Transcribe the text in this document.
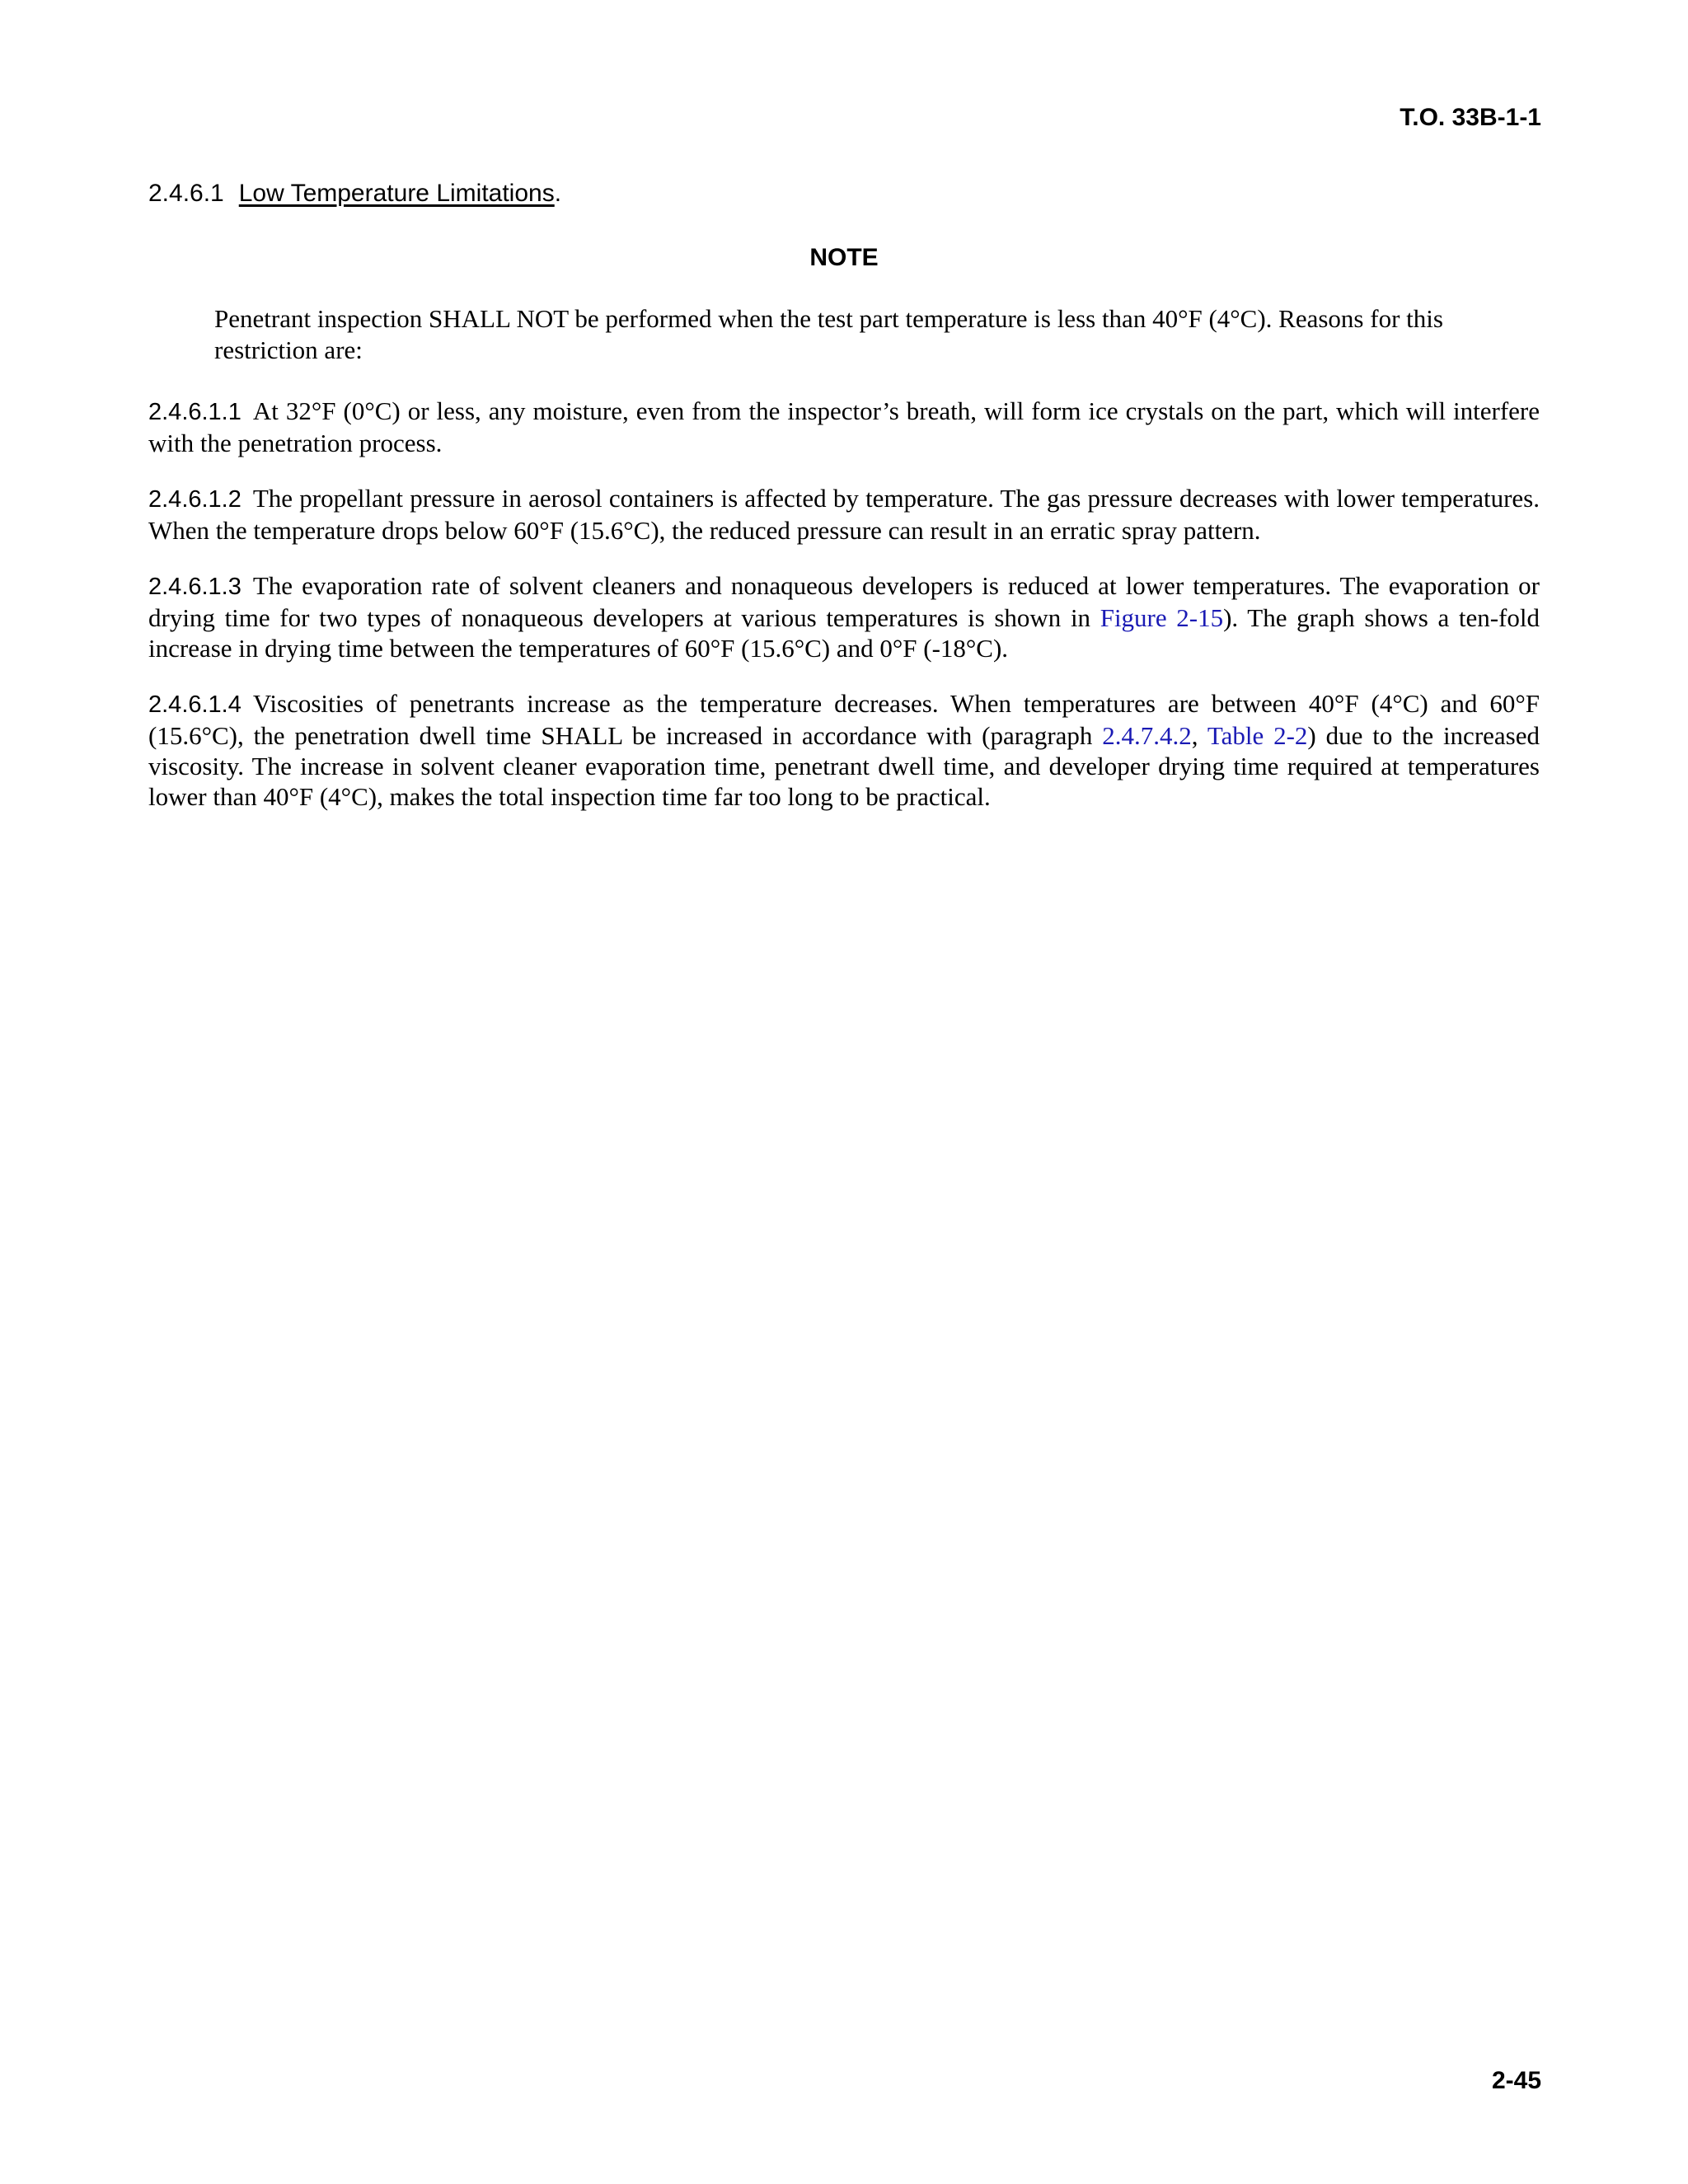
T.O. 33B-1-1
2.4.6.1 Low Temperature Limitations.
NOTE
Penetrant inspection SHALL NOT be performed when the test part temperature is less than 40°F (4°C). Reasons for this restriction are:

2.4.6.1.1 At 32°F (0°C) or less, any moisture, even from the inspector’s breath, will form ice crystals on the part, which will interfere with the penetration process.

2.4.6.1.2 The propellant pressure in aerosol containers is affected by temperature. The gas pressure decreases with lower temperatures. When the temperature drops below 60°F (15.6°C), the reduced pressure can result in an erratic spray pattern.

2.4.6.1.3 The evaporation rate of solvent cleaners and nonaqueous developers is reduced at lower temperatures. The evaporation or drying time for two types of nonaqueous developers at various temperatures is shown in Figure 2-15). The graph shows a ten-fold increase in drying time between the temperatures of 60°F (15.6°C) and 0°F (-18°C).

2.4.6.1.4 Viscosities of penetrants increase as the temperature decreases. When temperatures are between 40°F (4°C) and 60°F (15.6°C), the penetration dwell time SHALL be increased in accordance with (paragraph 2.4.7.4.2, Table 2-2) due to the increased viscosity. The increase in solvent cleaner evaporation time, penetrant dwell time, and developer drying time required at temperatures lower than 40°F (4°C), makes the total inspection time far too long to be practical.

2-45
